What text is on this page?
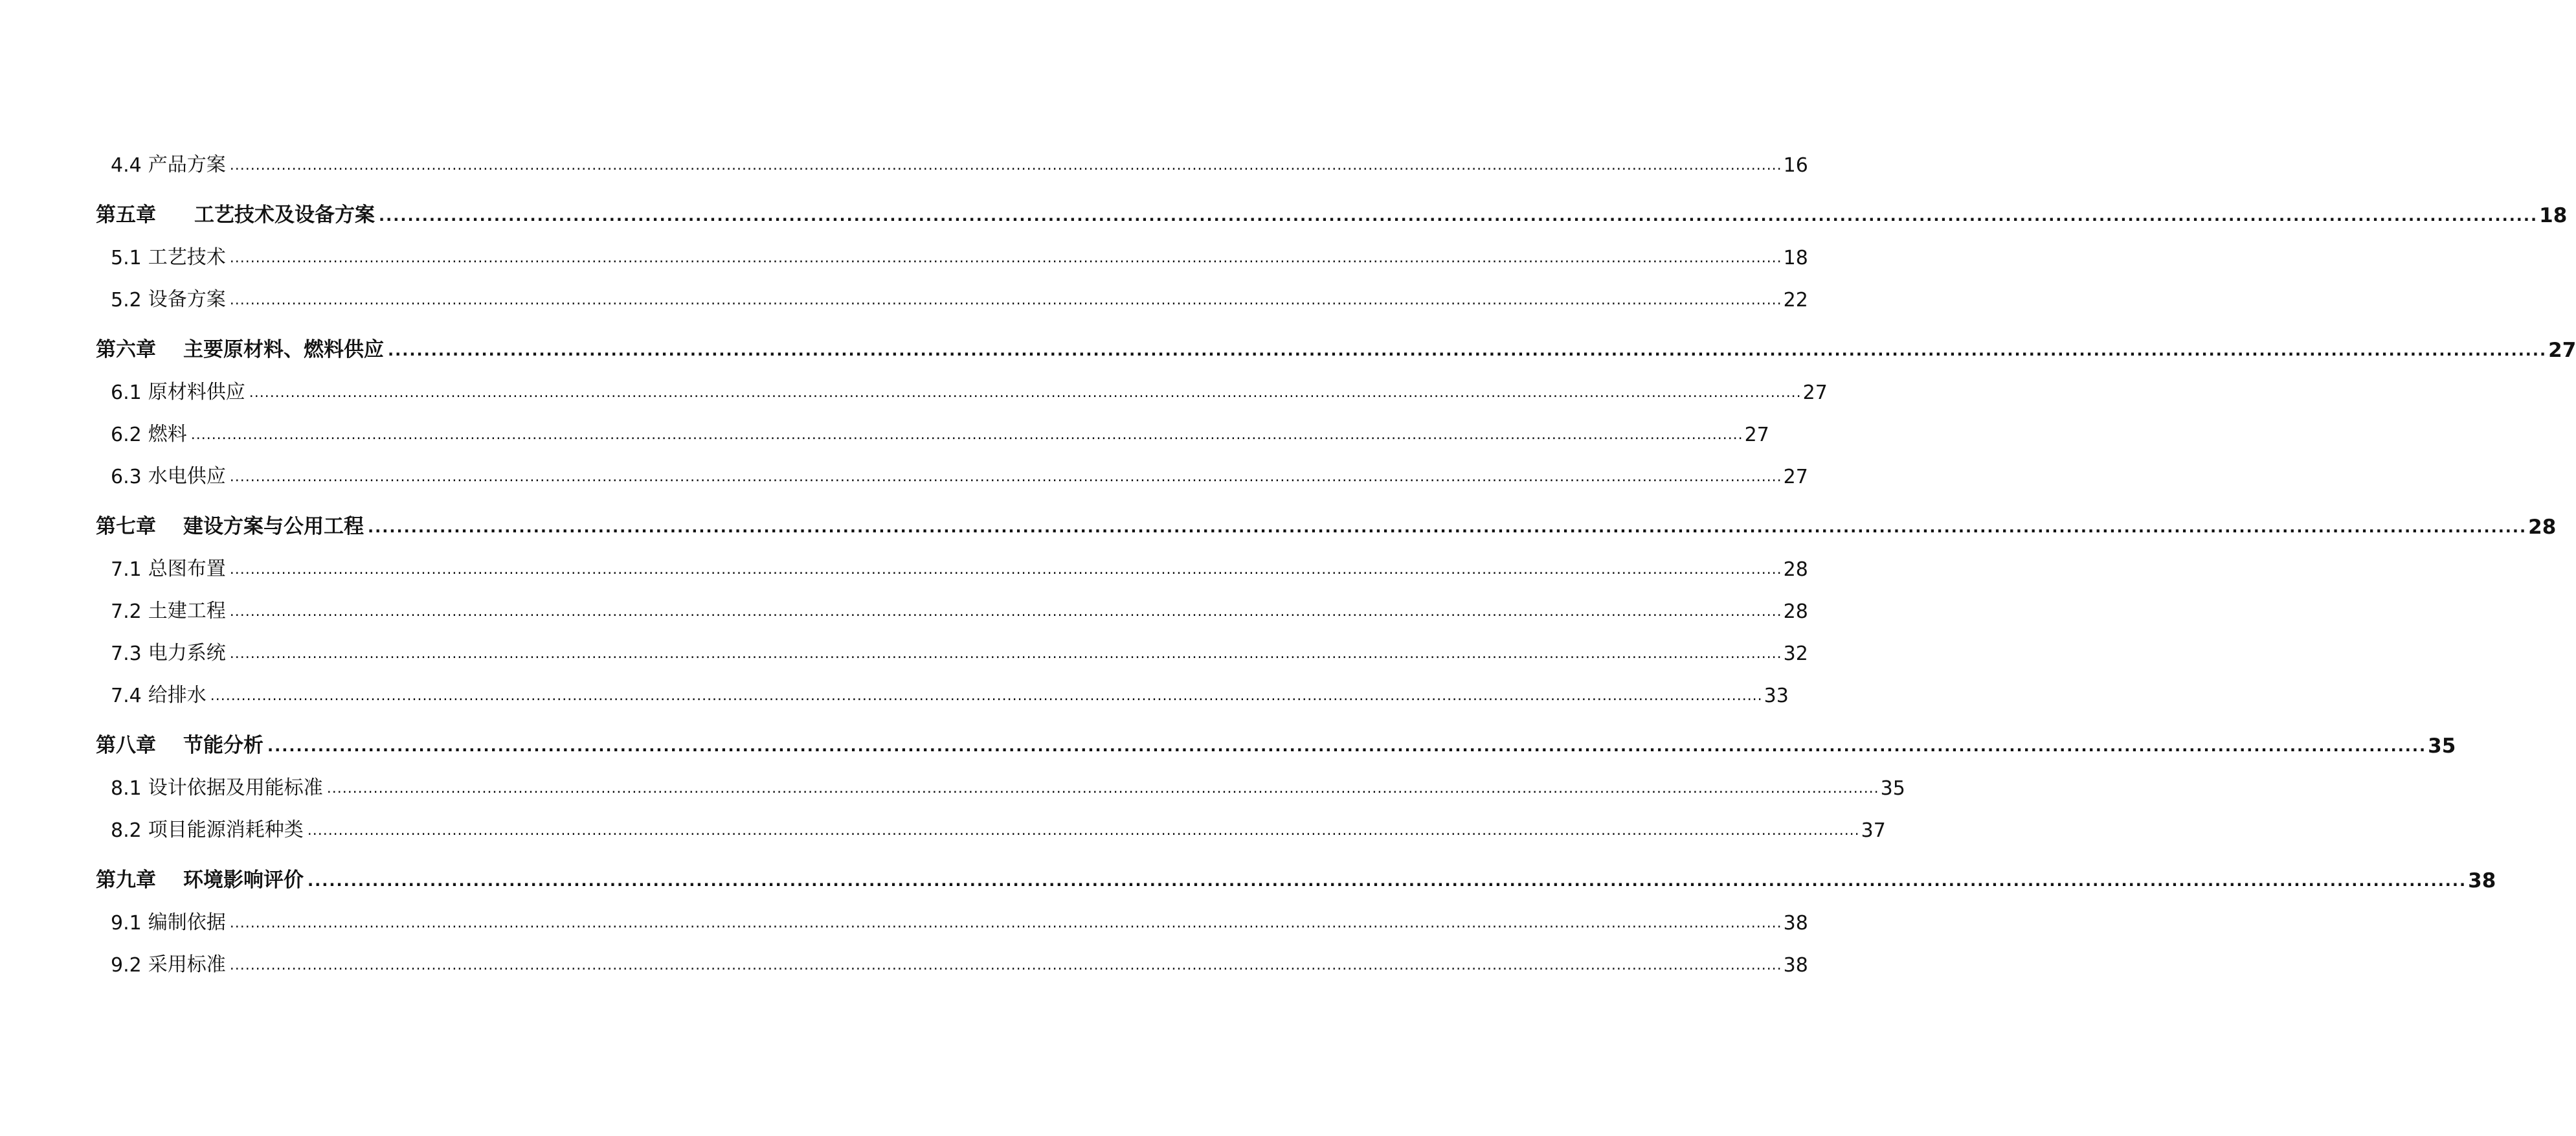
4.4 产品方案 ............................................................................................................................................................................................................................................................................................................ 16
第五章	工艺技术及设备方案 ............................................................................................................................................................................................................................................................................................................ 18
5.1 工艺技术 ............................................................................................................................................................................................................................................................................................................ 18
5.2 设备方案 ............................................................................................................................................................................................................................................................................................................ 22
第六章	主要原材料、燃料供应 ............................................................................................................................................................................................................................................................................................................ 27
6.1 原材料供应 ............................................................................................................................................................................................................................................................................................................ 27
6.2 燃料 ............................................................................................................................................................................................................................................................................................................ 27
6.3 水电供应 ............................................................................................................................................................................................................................................................................................................ 27
第七章	建设方案与公用工程 ............................................................................................................................................................................................................................................................................................................ 28
7.1 总图布置 ............................................................................................................................................................................................................................................................................................................ 28
7.2 土建工程 ............................................................................................................................................................................................................................................................................................................ 28
7.3 电力系统 ............................................................................................................................................................................................................................................................................................................ 32
7.4 给排水 ............................................................................................................................................................................................................................................................................................................ 33
第八章	节能分析 ............................................................................................................................................................................................................................................................................................................ 35
8.1 设计依据及用能标准 ............................................................................................................................................................................................................................................................................................................ 35
8.2 项目能源消耗种类 ............................................................................................................................................................................................................................................................................................................ 37
第九章	环境影响评价 ............................................................................................................................................................................................................................................................................................................ 38
9.1 编制依据 ............................................................................................................................................................................................................................................................................................................ 38
9.2 采用标准 ............................................................................................................................................................................................................................................................................................................ 38
